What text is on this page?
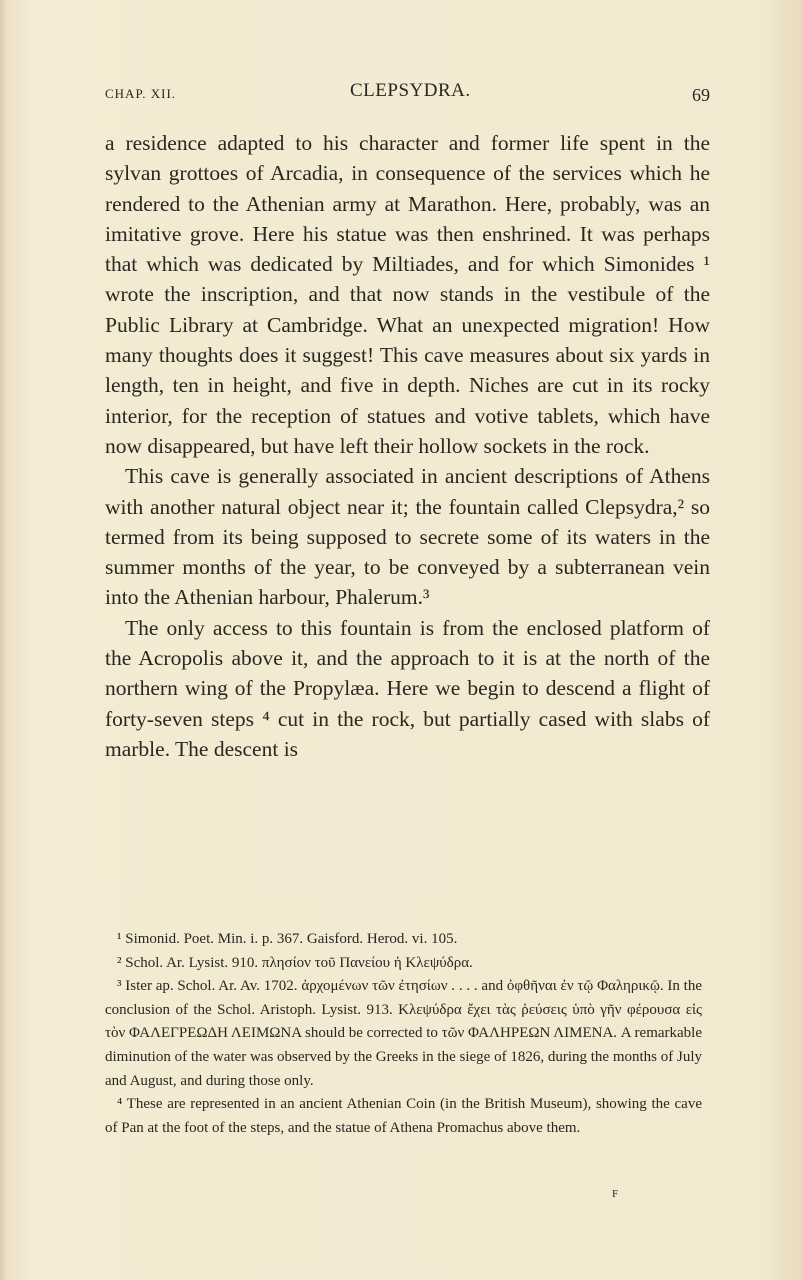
CHAP. XII.	CLEPSYDRA.	69

a residence adapted to his character and former life spent in the sylvan grottoes of Arcadia, in consequence of the services which he rendered to the Athenian army at Marathon. Here, probably, was an imitative grove. Here his statue was then enshrined. It was perhaps that which was dedicated by Miltiades, and for which Simonides ¹ wrote the inscription, and that now stands in the vestibule of the Public Library at Cambridge. What an unexpected migration! How many thoughts does it suggest! This cave measures about six yards in length, ten in height, and five in depth. Niches are cut in its rocky interior, for the reception of statues and votive tablets, which have now disappeared, but have left their hollow sockets in the rock.

This cave is generally associated in ancient descriptions of Athens with another natural object near it; the fountain called Clepsydra,² so termed from its being supposed to secrete some of its waters in the summer months of the year, to be conveyed by a subterranean vein into the Athenian harbour, Phalerum.³

The only access to this fountain is from the enclosed platform of the Acropolis above it, and the approach to it is at the north of the northern wing of the Propylæa. Here we begin to descend a flight of forty-seven steps ⁴ cut in the rock, but partially cased with slabs of marble. The descent is

¹ Simonid. Poet. Min. i. p. 367. Gaisford. Herod. vi. 105.

² Schol. Ar. Lysist. 910. πλησίον τοῦ Πανείου ἡ Κλεψύδρα.

³ Ister ap. Schol. Ar. Av. 1702. ἀρχομένων τῶν ἐτησίων . . . . and ὀφθῆναι ἐν τῷ Φαληρικῷ. In the conclusion of the Schol. Aristoph. Lysist. 913. Κλεψύδρα ἔχει τὰς ῥεύσεις ὑπὸ γῆν φέρουσα εἰς τὸν ΦΑΛΕΓΡΕΩΔΗ ΛΕΙΜΩΝΑ should be corrected to τῶν ΦΑΛΗΡΕΩΝ ΛΙΜΕΝΑ. A remarkable diminution of the water was observed by the Greeks in the siege of 1826, during the months of July and August, and during those only.

⁴ These are represented in an ancient Athenian Coin (in the British Museum), showing the cave of Pan at the foot of the steps, and the statue of Athena Promachus above them.

F
